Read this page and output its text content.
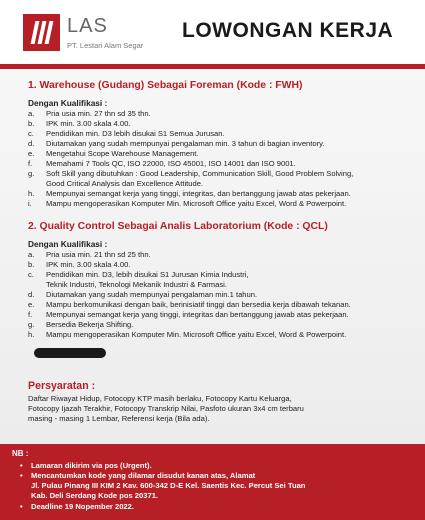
LAS
PT. Lestari Alam Segar
LOWONGAN KERJA
1. Warehouse (Gudang) Sebagai Foreman (Kode : FWH)
Dengan Kualifikasi :
a. Pria usia min. 27 thn sd 35 thn.
b. IPK min. 3.00 skala 4.00.
c. Pendidikan min. D3 lebih disukai S1 Semua Jurusan.
d. Diutamakan yang sudah mempunyai pengalaman min. 3 tahun di bagian inventory.
e. Mengetahui Scope Warehouse Management.
f. Memahami 7 Tools QC, ISO 22000, ISO 45001, ISO 14001 dan ISO 9001.
g. Soft Skill yang dibutuhkan : Good Leadership, Communication Skill, Good Problem Solving,
Good Critical Analysis dan Excellence Attitude.
h. Mempunyai semangat kerja yang tinggi, integritas, dan bertanggung jawab atas pekerjaan.
i. Mampu mengoperasikan Komputer Min. Microsoft Office yaitu Excel, Word & Powerpoint.
2. Quality Control Sebagai Analis Laboratorium (Kode : QCL)
Dengan Kualifikasi :
a. Pria usia min. 21 thn sd 25 thn.
b. IPK min. 3.00 skala 4.00.
c. Pendidikan min. D3, lebih disukai S1 Jurusan Kimia Industri,
Teknik Industri, Teknologi Mekanik Industri & Farmasi.
d. Diutamakan yang sudah mempunyai pengalaman min.1 tahun.
e. Mampu berkomunikasi dengan baik, berinisiatif tinggi dan bersedia kerja dibawah tekanan.
f. Mempunyai semangat kerja yang tinggi, integritas dan bertanggung jawab atas pekerjaan.
g. Bersedia Bekerja Shifting.
h. Mampu mengoperasikan Komputer Min. Microsoft Office yaitu Excel, Word & Powerpoint.
Persyaratan :
Daftar Riwayat Hidup, Fotocopy KTP masih berlaku, Fotocopy Kartu Keluarga,
Fotocopy Ijazah Terakhir, Fotocopy Transkrip Nilai, Pasfoto ukuran 3x4 cm terbaru
masing - masing 1 Lembar, Referensi kerja (Bila ada).
NB :
• Lamaran dikirim via pos (Urgent).
• Mencantumkan kode yang dilamar disudut kanan atas, Alamat
Jl. Pulau Pinang III KIM 2 Kav. 600-342 D-E Kel. Saentis Kec. Percut Sei Tuan
Kab. Deli Serdang Kode pos 20371.
• Deadline 19 Nopember 2022.
